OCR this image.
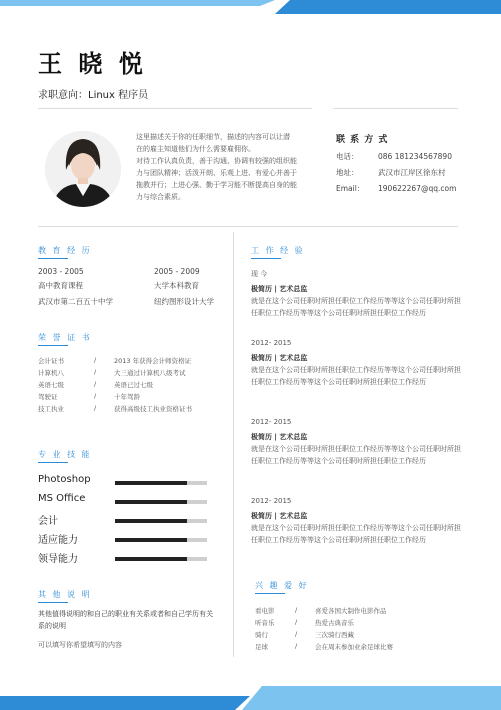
王 晓 悦
求职意向：Linux 程序员
这里描述关于你的任职细节，描述的内容可以让潜
在的雇主知道他们为什么需要雇佣你。
对待工作认真负责，善于沟通、协调有较强的组织能
力与团队精神；活泼开朗、乐观上进、有爱心并善于
拖教并行；上进心强、勤于学习能不断提高自身的能
力与综合素质。
联 系 方 式
电话：	086 181234567890
地址：	武汉市江岸区徐东村
Email： 190622267@qq.com
教 育 经 历
2003 - 2005
高中教育课程
武汉市第二百五十中学
2005 - 2009
大学本科教育
纽约图形设计大学
荣 誉 证 书
会计证书	/	2013 年获得会计师资格证
计算机八	/	大三通过计算机八级考试
英语七级	/	英语已过七级
驾驶证	/	十年驾龄
技工执业	/	获得高级技工执业资格证书
专 业 技 能
Photoshop
MS Office
会计
适应能力
领导能力
其 他 说 明
其他值得说明的和自己的职业有关系或者和自己学历有关系的说明
可以填写你希望填写的内容
工 作 经 验
现 今
极简历 | 艺术总监
就是在这个公司任职时所担任职位工作经历等等这个公司任职时所担任职位工作经历等等这个公司任职时所担任职位工作经历
2012- 2015
极简历 | 艺术总监
就是在这个公司任职时所担任职位工作经历等等这个公司任职时所担任职位工作经历等等这个公司任职时所担任职位工作经历
2012- 2015
极简历 | 艺术总监
就是在这个公司任职时所担任职位工作经历等等这个公司任职时所担任职位工作经历等等这个公司任职时所担任职位工作经历
2012- 2015
极简历 | 艺术总监
就是在这个公司任职时所担任职位工作经历等等这个公司任职时所担任职位工作经历等等这个公司任职时所担任职位工作经历
兴 趣 爱 好
看电影	/	喜爱各国大制作电影作品
听音乐	/	热爱古典音乐
骑行	/	三次骑行西藏
足球	/	会在周末参加业余足球比赛
